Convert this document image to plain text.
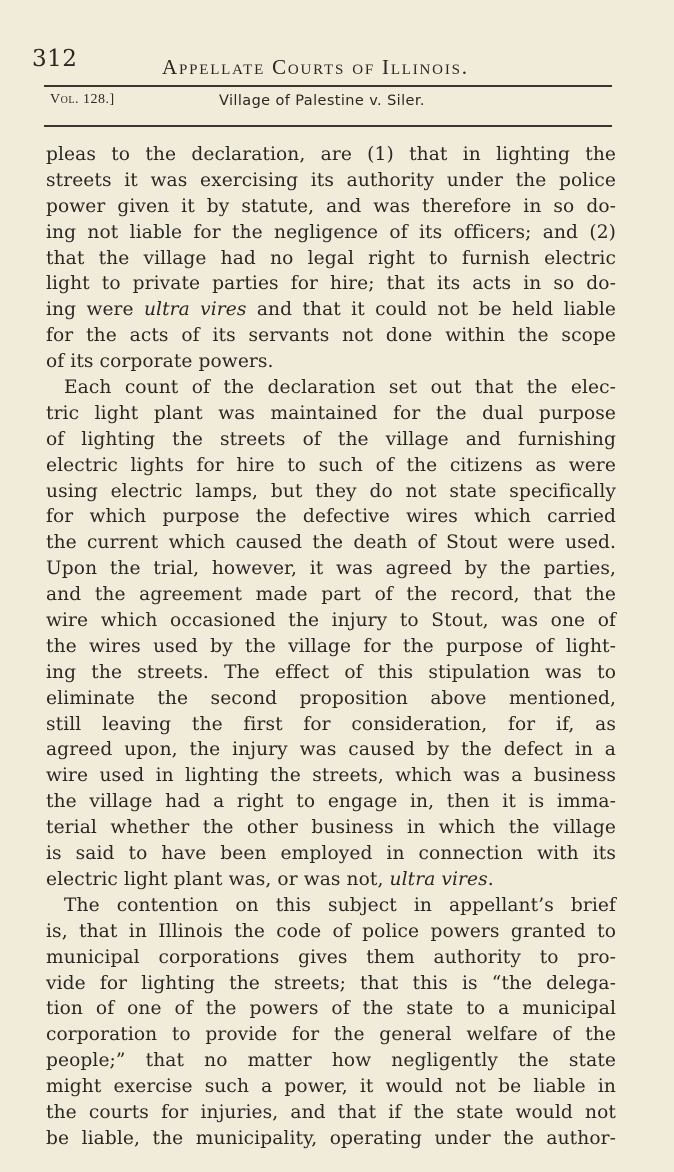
312	Appellate Courts of Illinois.
Vol. 128.]	Village of Palestine v. Siler.
pleas to the declaration, are (1) that in lighting the
streets it was exercising its authority under the police
power given it by statute, and was therefore in so do-
ing not liable for the negligence of its officers; and (2)
that the village had no legal right to furnish electric
light to private parties for hire; that its acts in so do-
ing were ultra vires and that it could not be held liable
for the acts of its servants not done within the scope
of its corporate powers.
Each count of the declaration set out that the elec-
tric light plant was maintained for the dual purpose
of lighting the streets of the village and furnishing
electric lights for hire to such of the citizens as were
using electric lamps, but they do not state specifically
for which purpose the defective wires which carried
the current which caused the death of Stout were used.
Upon the trial, however, it was agreed by the parties,
and the agreement made part of the record, that the
wire which occasioned the injury to Stout, was one of
the wires used by the village for the purpose of light-
ing the streets. The effect of this stipulation was to
eliminate the second proposition above mentioned,
still leaving the first for consideration, for if, as
agreed upon, the injury was caused by the defect in a
wire used in lighting the streets, which was a business
the village had a right to engage in, then it is imma-
terial whether the other business in which the village
is said to have been employed in connection with its
electric light plant was, or was not, ultra vires.
The contention on this subject in appellant’s brief
is, that in Illinois the code of police powers granted to
municipal corporations gives them authority to pro-
vide for lighting the streets; that this is “the delega-
tion of one of the powers of the state to a municipal
corporation to provide for the general welfare of the
people;” that no matter how negligently the state
might exercise such a power, it would not be liable in
the courts for injuries, and that if the state would not
be liable, the municipality, operating under the author-
